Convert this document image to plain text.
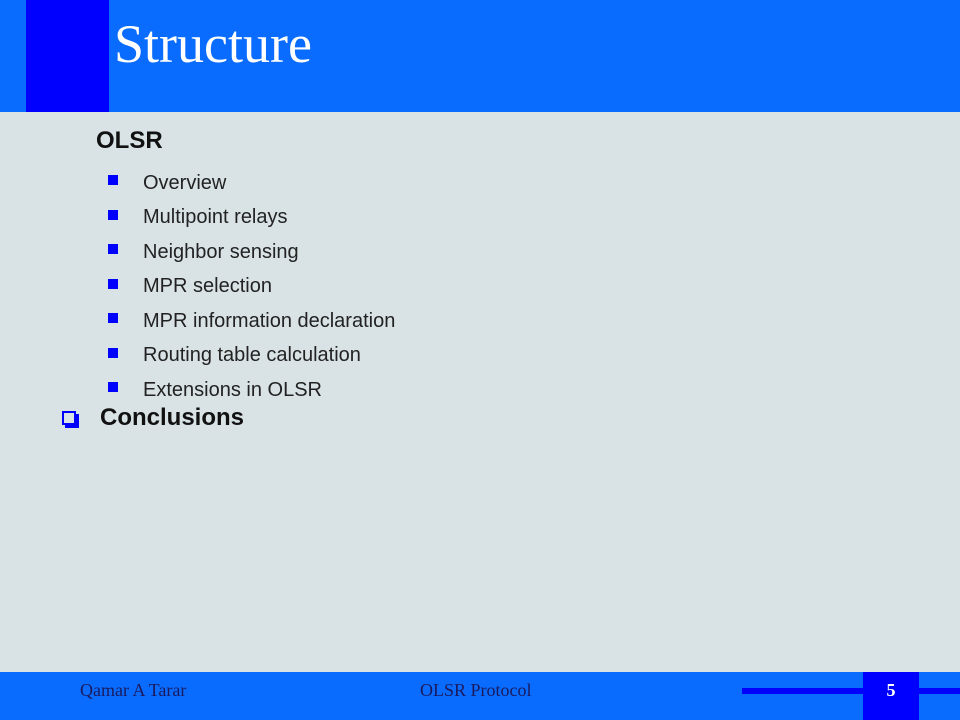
Structure
OLSR
Overview
Multipoint relays
Neighbor sensing
MPR selection
MPR information declaration
Routing table calculation
Extensions in OLSR
Conclusions
Qamar A Tarar	OLSR Protocol	5
